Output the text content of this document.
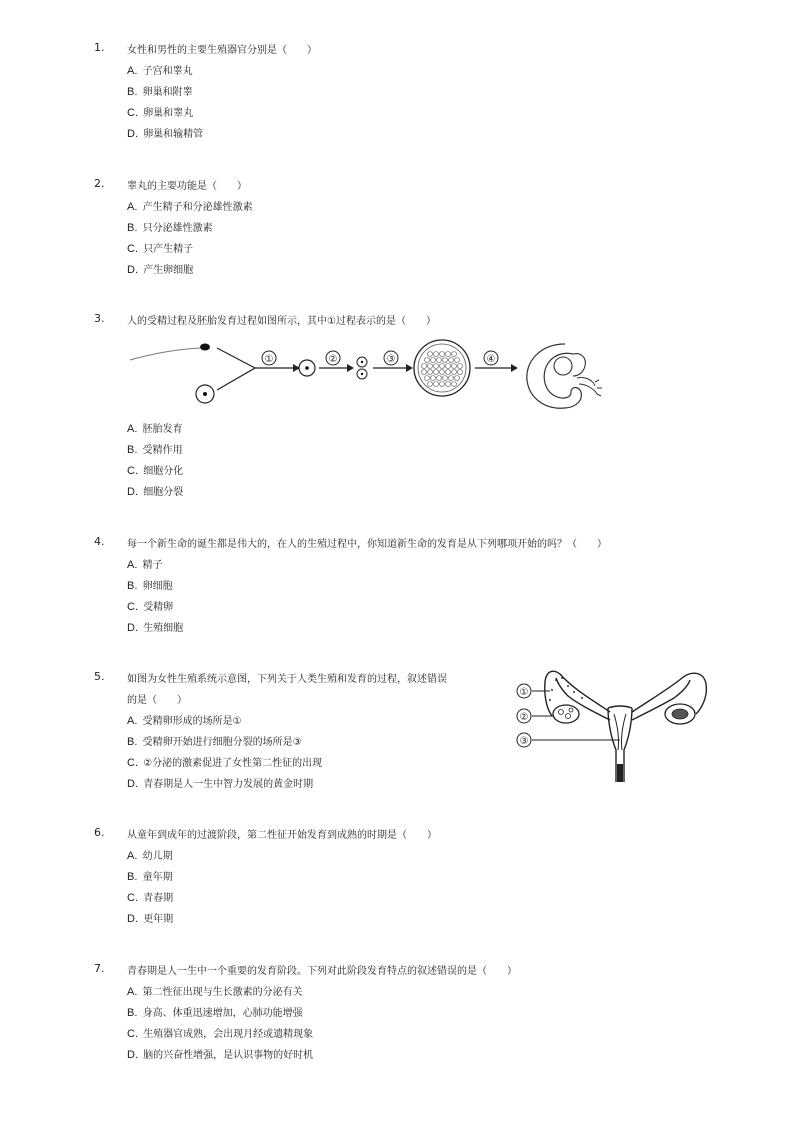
1. 女性和男性的主要生殖器官分别是（　　）
A. 子宫和睾丸
B. 卵巢和附睾
C. 卵巢和睾丸
D. 卵巢和输精管
2. 睾丸的主要功能是（　　）
A. 产生精子和分泌雄性激素
B. 只分泌雄性激素
C. 只产生精子
D. 产生卵细胞
3. 人的受精过程及胚胎发育过程如图所示，其中①过程表示的是（　　）
①	②	③	④
A. 胚胎发育
B. 受精作用
C. 细胞分化
D. 细胞分裂
4. 每一个新生命的诞生都是伟大的，在人的生殖过程中，你知道新生命的发育是从下列哪项开始的吗？（　　）
A. 精子
B. 卵细胞
C. 受精卵
D. 生殖细胞
5. 如图为女性生殖系统示意图，下列关于人类生殖和发育的过程，叙述错误
的是（　　）
A. 受精卵形成的场所是①
B. 受精卵开始进行细胞分裂的场所是③
C. ②分泌的激素促进了女性第二性征的出现
D. 青春期是人一生中智力发展的黄金时期
①
②
③
6. 从童年到成年的过渡阶段，第二性征开始发育到成熟的时期是（　　）
A. 幼儿期
B. 童年期
C. 青春期
D. 更年期
7. 青春期是人一生中一个重要的发育阶段。下列对此阶段发育特点的叙述错误的是（　　）
A. 第二性征出现与生长激素的分泌有关
B. 身高、体重迅速增加，心肺功能增强
C. 生殖器官成熟，会出现月经或遗精现象
D. 脑的兴奋性增强，是认识事物的好时机
